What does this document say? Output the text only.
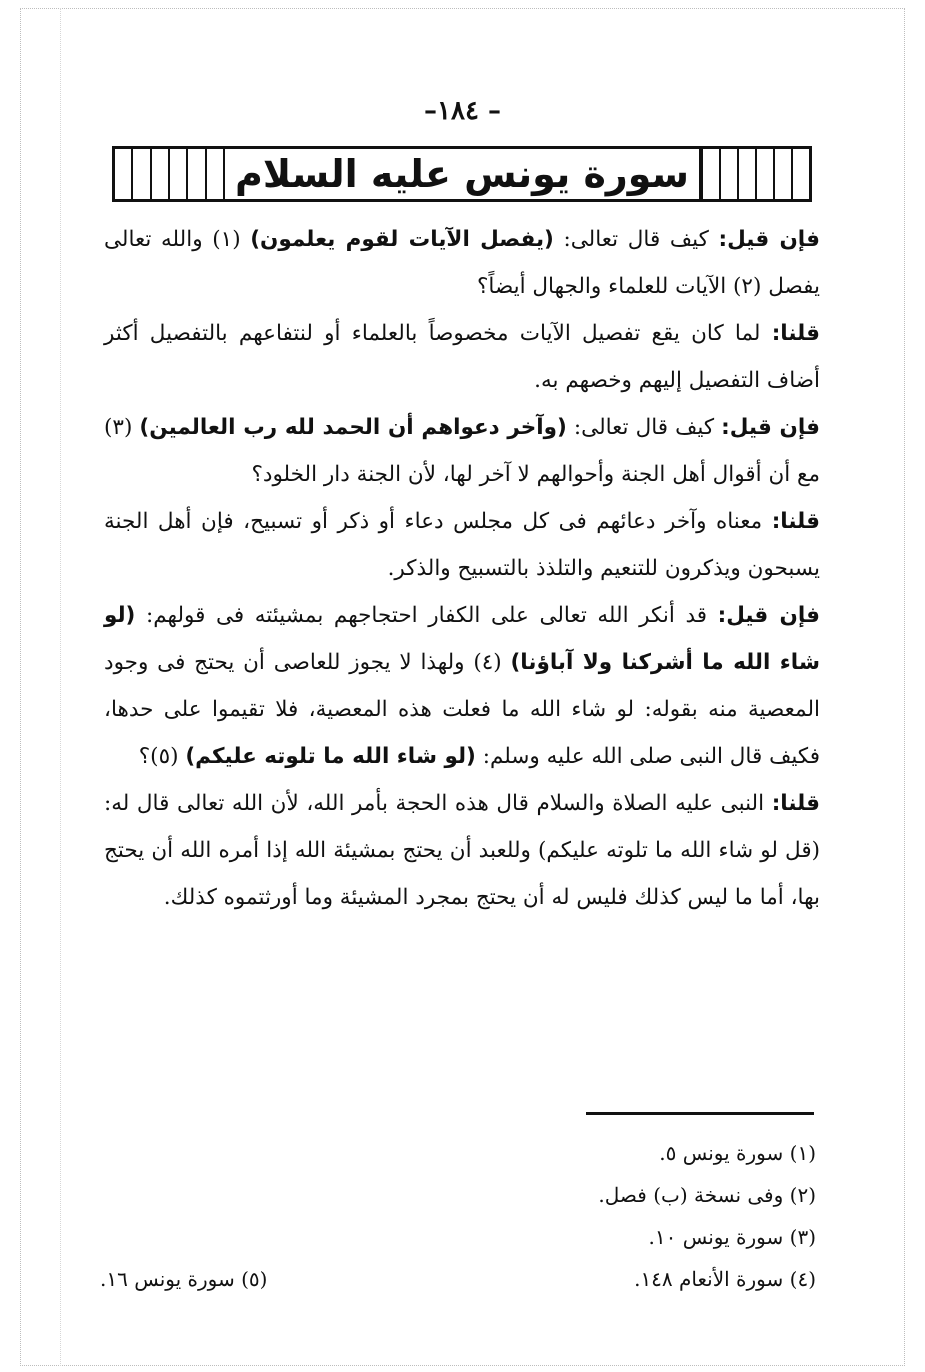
–١٨٤ –
سورة يونس عليه السلام

فإن قيل: كيف قال تعالى: (يفصل الآيات لقوم يعلمون) (١) والله تعالى يفصل (٢) الآيات للعلماء والجهال أيضاً؟

قلنا: لما كان يقع تفصيل الآيات مخصوصاً بالعلماء أو لنتفاعهم بالتفصيل أكثر أضاف التفصيل إليهم وخصهم به.

فإن قيل: كيف قال تعالى: (وآخر دعواهم أن الحمد لله رب العالمين) (٣) مع أن أقوال أهل الجنة وأحوالهم لا آخر لها، لأن الجنة دار الخلود؟

قلنا: معناه وآخر دعائهم فى كل مجلس دعاء أو ذكر أو تسبيح، فإن أهل الجنة يسبحون ويذكرون للتنعيم والتلذذ بالتسبيح والذكر.

فإن قيل: قد أنكر الله تعالى على الكفار احتجاجهم بمشيئته فى قولهم: (لو شاء الله ما أشركنا ولا آباؤنا) (٤) ولهذا لا يجوز للعاصى أن يحتج فى وجود المعصية منه بقوله: لو شاء الله ما فعلت هذه المعصية، فلا تقيموا على حدها، فكيف قال النبى صلى الله عليه وسلم: (لو شاء الله ما تلوته عليكم) (٥)؟

قلنا: النبى عليه الصلاة والسلام قال هذه الحجة بأمر الله، لأن الله تعالى قال له: (قل لو شاء الله ما تلوته عليكم) وللعبد أن يحتج بمشيئة الله إذا أمره الله أن يحتج بها، أما ما ليس كذلك فليس له أن يحتج بمجرد المشيئة وما أورثتموه كذلك.

(١) سورة يونس ٥.
(٢) وفى نسخة (ب) فصل.
(٣) سورة يونس ١٠.
(٤) سورة الأنعام ١٤٨.
(٥) سورة يونس ١٦.
